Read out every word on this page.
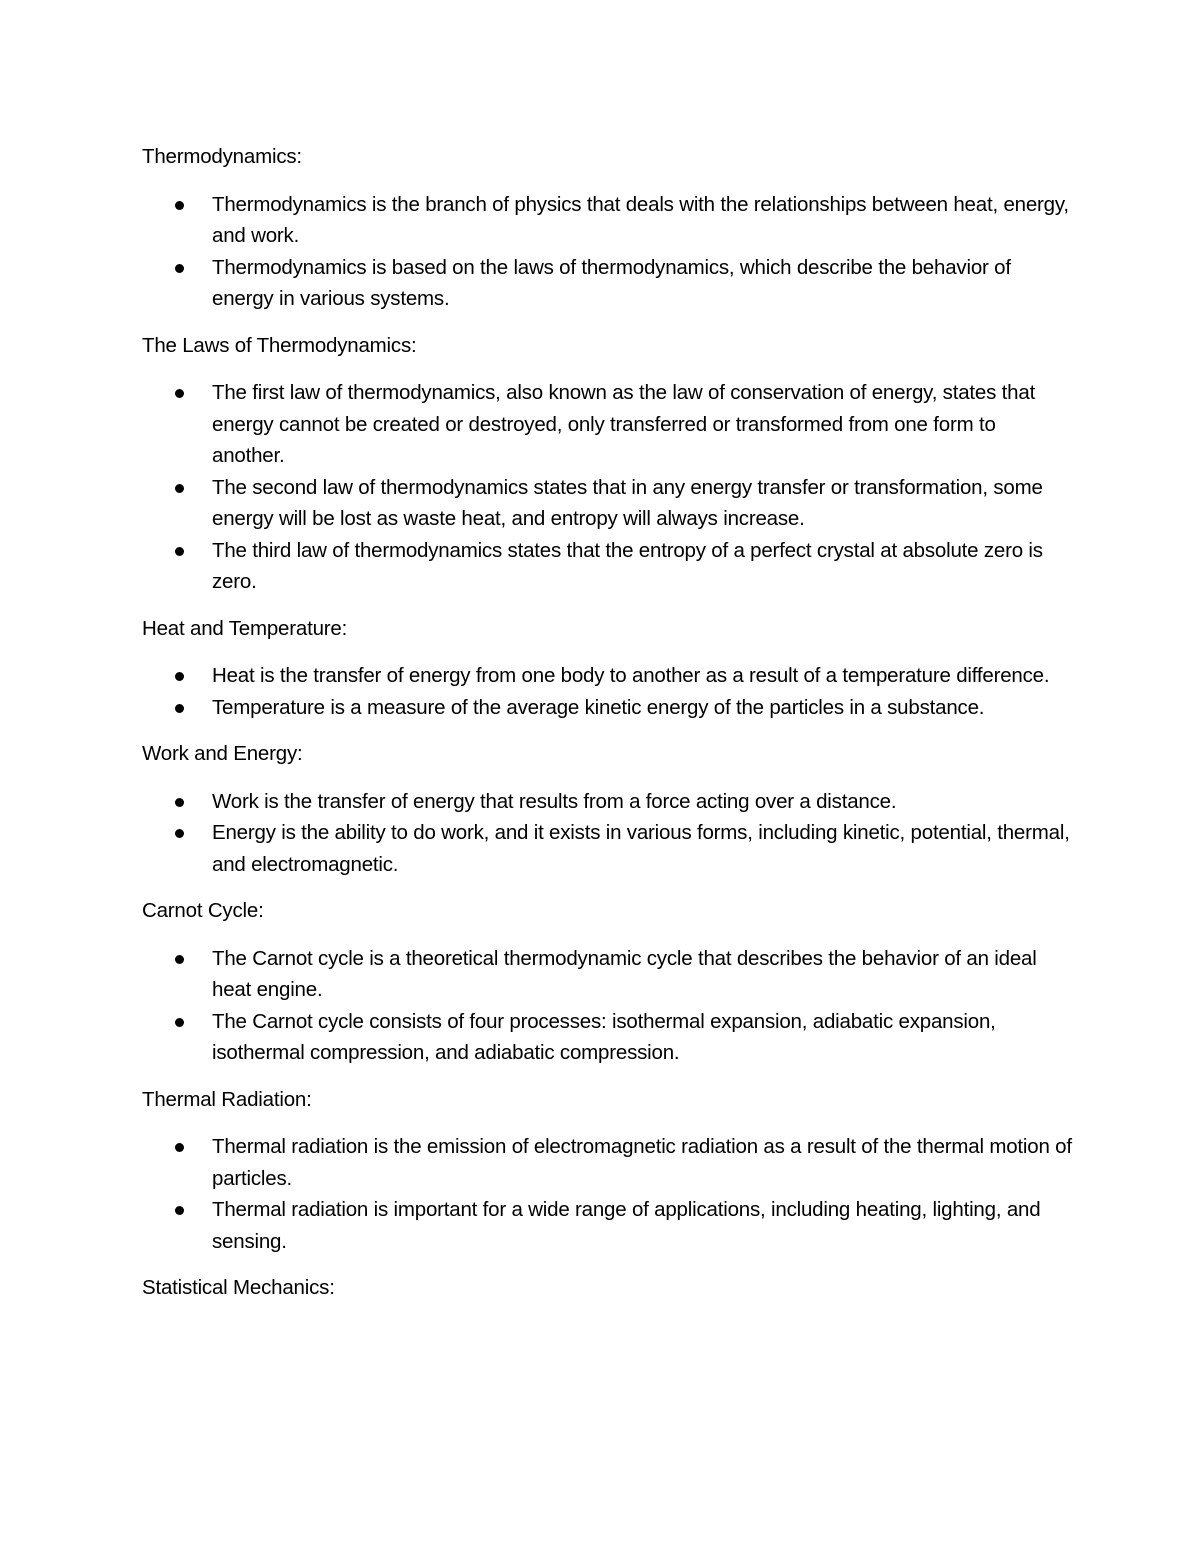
Thermodynamics:

Thermodynamics is the branch of physics that deals with the relationships between heat, energy, and work.
Thermodynamics is based on the laws of thermodynamics, which describe the behavior of energy in various systems.

The Laws of Thermodynamics:

The first law of thermodynamics, also known as the law of conservation of energy, states that energy cannot be created or destroyed, only transferred or transformed from one form to another.
The second law of thermodynamics states that in any energy transfer or transformation, some energy will be lost as waste heat, and entropy will always increase.
The third law of thermodynamics states that the entropy of a perfect crystal at absolute zero is zero.

Heat and Temperature:

Heat is the transfer of energy from one body to another as a result of a temperature difference.
Temperature is a measure of the average kinetic energy of the particles in a substance.

Work and Energy:

Work is the transfer of energy that results from a force acting over a distance.
Energy is the ability to do work, and it exists in various forms, including kinetic, potential, thermal, and electromagnetic.

Carnot Cycle:

The Carnot cycle is a theoretical thermodynamic cycle that describes the behavior of an ideal heat engine.
The Carnot cycle consists of four processes: isothermal expansion, adiabatic expansion, isothermal compression, and adiabatic compression.

Thermal Radiation:

Thermal radiation is the emission of electromagnetic radiation as a result of the thermal motion of particles.
Thermal radiation is important for a wide range of applications, including heating, lighting, and sensing.

Statistical Mechanics:
